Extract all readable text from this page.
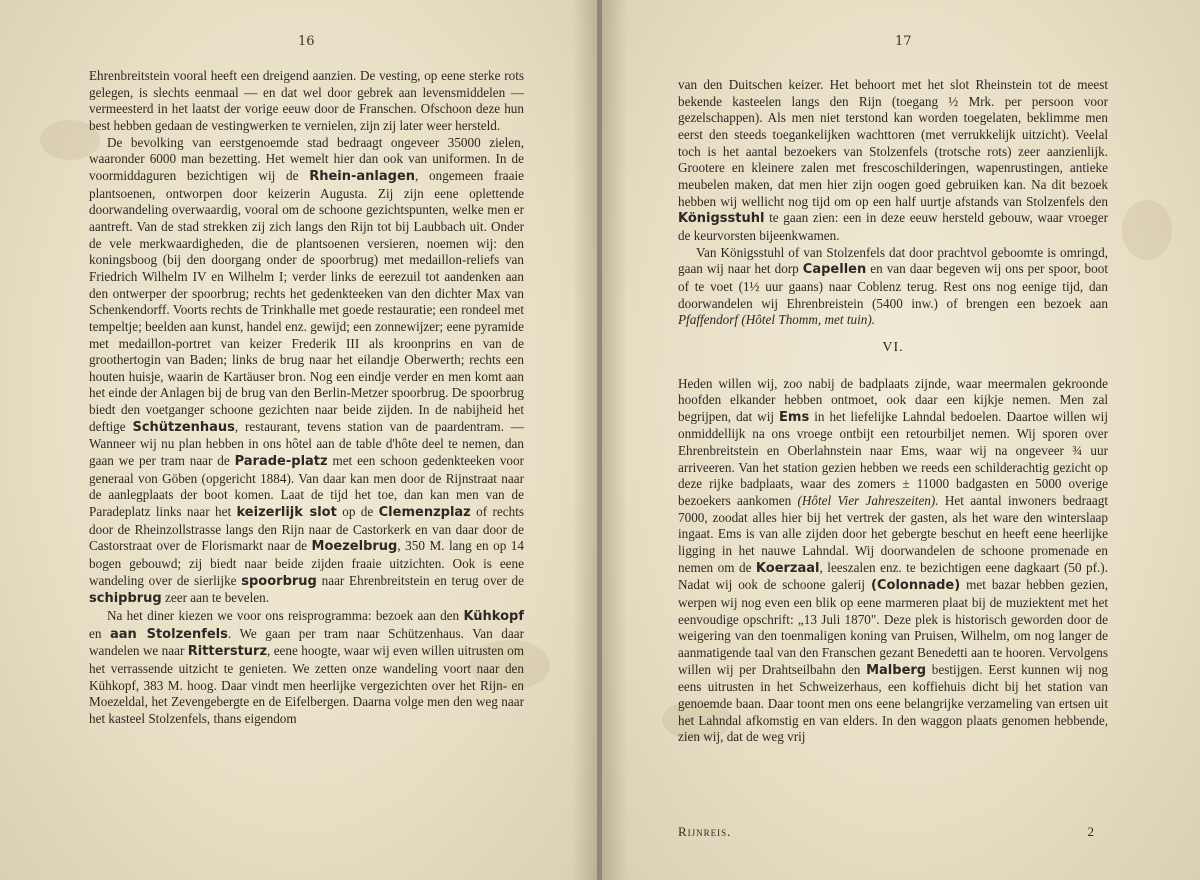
16

Ehrenbreitstein vooral heeft een dreigend aanzien. De vesting, op eene sterke rots gelegen, is slechts eenmaal — en dat wel door gebrek aan levensmiddelen — vermeesterd in het laatst der vorige eeuw door de Franschen. Ofschoon deze hun best hebben gedaan de vestingwerken te vernielen, zijn zij later weer hersteld.

De bevolking van eerstgenoemde stad bedraagt ongeveer 35000 zielen, waaronder 6000 man bezetting. Het wemelt hier dan ook van uniformen. In de voormiddaguren bezichtigen wij de Rhein-anlagen, ongemeen fraaie plantsoenen, ontworpen door keizerin Augusta. Zij zijn eene oplettende doorwandeling overwaardig, vooral om de schoone gezichtspunten, welke men er aantreft. Van de stad strekken zij zich langs den Rijn tot bij Laubbach uit. Onder de vele merkwaardigheden, die de plantsoenen versieren, noemen wij: den koningsboog (bij den doorgang onder de spoorbrug) met medaillon-reliefs van Friedrich Wilhelm IV en Wilhelm I; verder links de eerezuil tot aandenken aan den ontwerper der spoorbrug; rechts het gedenkteeken van den dichter Max van Schenkendorff. Voorts rechts de Trinkhalle met goede restauratie; een rondeel met tempeltje; beelden aan kunst, handel enz. gewijd; een zonnewijzer; eene pyramide met medaillon-portret van keizer Frederik III als kroonprins en van de groothertogin van Baden; links de brug naar het eilandje Oberwerth; rechts een houten huisje, waarin de Kartäuser bron. Nog een eindje verder en men komt aan het einde der Anlagen bij de brug van den Berlin-Metzer spoorbrug. De spoorbrug biedt den voetganger schoone gezichten naar beide zijden. In de nabijheid het deftige Schützenhaus, restaurant, tevens station van de paardentram. — Wanneer wij nu plan hebben in ons hôtel aan de table d'hôte deel te nemen, dan gaan we per tram naar de Parade-platz met een schoon gedenkteeken voor generaal von Göben (opgericht 1884). Van daar kan men door de Rijnstraat naar de aanlegplaats der boot komen. Laat de tijd het toe, dan kan men van de Paradeplatz links naar het keizerlijk slot op de Clemenzplaz of rechts door de Rheinzollstrasse langs den Rijn naar de Castorkerk en van daar door de Castorstraat over de Florismarkt naar de Moezelbrug, 350 M. lang en op 14 bogen gebouwd; zij biedt naar beide zijden fraaie uitzichten. Ook is eene wandeling over de sierlijke spoorbrug naar Ehrenbreitstein en terug over de schipbrug zeer aan te bevelen.

Na het diner kiezen we voor ons reisprogramma: bezoek aan den Kühkopf en aan Stolzenfels. We gaan per tram naar Schützenhaus. Van daar wandelen we naar Rittersturz, eene hoogte, waar wij even willen uitrusten om het verrassende uitzicht te genieten. We zetten onze wandeling voort naar den Kühkopf, 383 M. hoog. Daar vindt men heerlijke vergezichten over het Rijn- en Moezeldal, het Zevengebergte en de Eifelbergen. Daarna volge men den weg naar het kasteel Stolzenfels, thans eigendom

17

van den Duitschen keizer. Het behoort met het slot Rheinstein tot de meest bekende kasteelen langs den Rijn (toegang ½ Mrk. per persoon voor gezelschappen). Als men niet terstond kan worden toegelaten, beklimme men eerst den steeds toegankelijken wachttoren (met verrukkelijk uitzicht). Veelal toch is het aantal bezoekers van Stolzenfels (trotsche rots) zeer aanzienlijk. Grootere en kleinere zalen met frescoschilderingen, wapenrustingen, antieke meubelen maken, dat men hier zijn oogen goed gebruiken kan. Na dit bezoek hebben wij wellicht nog tijd om op een half uurtje afstands van Stolzenfels den Königsstuhl te gaan zien: een in deze eeuw hersteld gebouw, waar vroeger de keurvorsten bijeenkwamen.

Van Königsstuhl of van Stolzenfels dat door prachtvol geboomte is omringd, gaan wij naar het dorp Capellen en van daar begeven wij ons per spoor, boot of te voet (1½ uur gaans) naar Coblenz terug. Rest ons nog eenige tijd, dan doorwandelen wij Ehrenbreistein (5400 inw.) of brengen een bezoek aan Pfaffendorf (Hôtel Thomm, met tuin).

VI.

Heden willen wij, zoo nabij de badplaats zijnde, waar meermalen gekroonde hoofden elkander hebben ontmoet, ook daar een kijkje nemen. Men zal begrijpen, dat wij Ems in het liefelijke Lahndal bedoelen. Daartoe willen wij onmiddellijk na ons vroege ontbijt een retourbiljet nemen. Wij sporen over Ehrenbreitstein en Oberlahnstein naar Ems, waar wij na ongeveer ¾ uur arriveeren. Van het station gezien hebben we reeds een schilderachtig gezicht op deze rijke badplaats, waar des zomers ± 11000 badgasten en 5000 overige bezoekers aankomen (Hôtel Vier Jahreszeiten). Het aantal inwoners bedraagt 7000, zoodat alles hier bij het vertrek der gasten, als het ware den winterslaap ingaat. Ems is van alle zijden door het gebergte beschut en heeft eene heerlijke ligging in het nauwe Lahndal. Wij doorwandelen de schoone promenade en nemen om de Koerzaal, leeszalen enz. te bezichtigen eene dagkaart (50 pf.). Nadat wij ook de schoone galerij (Colonnade) met bazar hebben gezien, werpen wij nog even een blik op eene marmeren plaat bij de muziektent met het eenvoudige opschrift: „13 Juli 1870". Deze plek is historisch geworden door de weigering van den toenmaligen koning van Pruisen, Wilhelm, om nog langer de aanmatigende taal van den Franschen gezant Benedetti aan te hooren. Vervolgens willen wij per Drahtseilbahn den Malberg bestijgen. Eerst kunnen wij nog eens uitrusten in het Schweizerhaus, een koffiehuis dicht bij het station van genoemde baan. Daar toont men ons eene belangrijke verzameling van ertsen uit het Lahndal afkomstig en van elders. In den waggon plaats genomen hebbende, zien wij, dat de weg vrij

Rijnreis.	2
